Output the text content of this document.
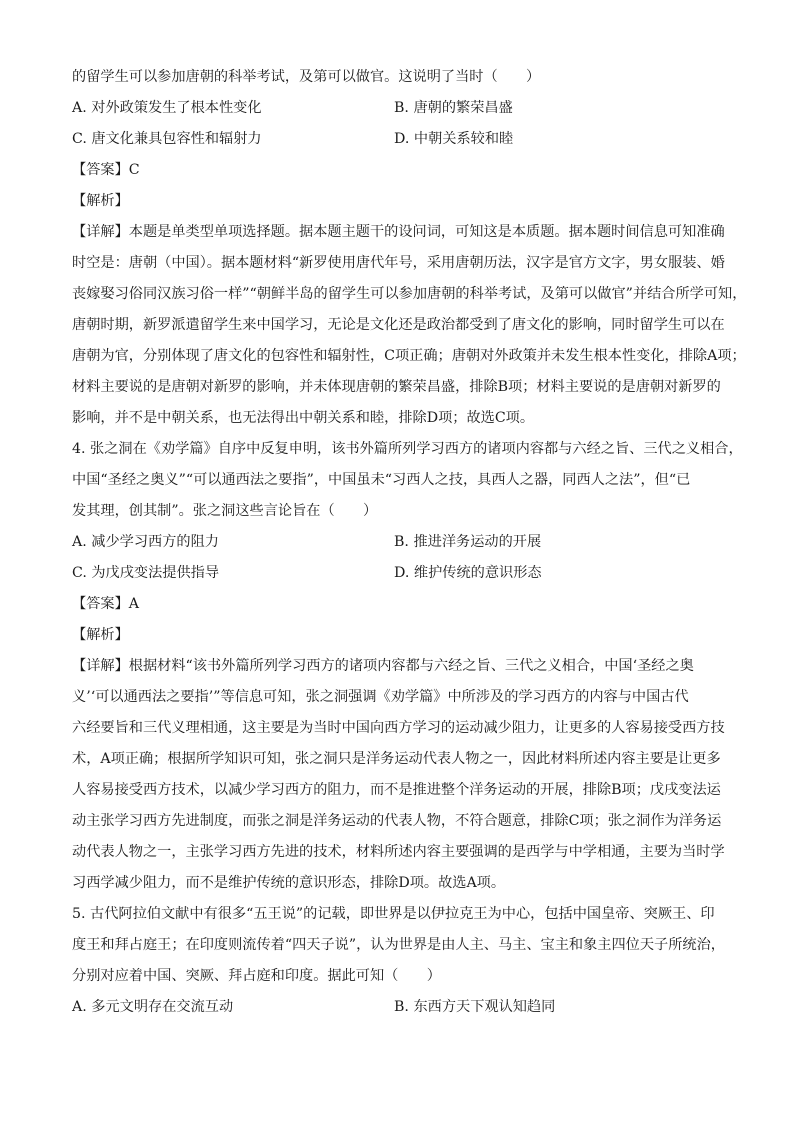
的留学生可以参加唐朝的科举考试，及第可以做官。这说明了当时（　　）
A. 对外政策发生了根本性变化	B. 唐朝的繁荣昌盛
C. 唐文化兼具包容性和辐射力	D. 中朝关系较和睦
【答案】C
【解析】
【详解】本题是单类型单项选择题。据本题主题干的设问词，可知这是本质题。据本题时间信息可知准确
时空是：唐朝（中国）。据本题材料“新罗使用唐代年号，采用唐朝历法，汉字是官方文字，男女服装、婚
丧嫁娶习俗同汉族习俗一样”“朝鲜半岛的留学生可以参加唐朝的科举考试，及第可以做官”并结合所学可知，
唐朝时期，新罗派遣留学生来中国学习，无论是文化还是政治都受到了唐文化的影响，同时留学生可以在
唐朝为官，分别体现了唐文化的包容性和辐射性，C项正确；唐朝对外政策并未发生根本性变化，排除A项；
材料主要说的是唐朝对新罗的影响，并未体现唐朝的繁荣昌盛，排除B项；材料主要说的是唐朝对新罗的
影响，并不是中朝关系，也无法得出中朝关系和睦，排除D项；故选C项。
4. 张之洞在《劝学篇》自序中反复申明，该书外篇所列学习西方的诸项内容都与六经之旨、三代之义相合，
中国“圣经之奥义”“可以通西法之要指”，中国虽未“习西人之技，具西人之器，同西人之法”，但“已
发其理，创其制”。张之洞这些言论旨在（　　）
A. 减少学习西方的阻力	B. 推进洋务运动的开展
C. 为戊戌变法提供指导	D. 维护传统的意识形态
【答案】A
【解析】
【详解】根据材料“该书外篇所列学习西方的诸项内容都与六经之旨、三代之义相合，中国‘圣经之奥
义’‘可以通西法之要指’”等信息可知，张之洞强调《劝学篇》中所涉及的学习西方的内容与中国古代
六经要旨和三代义理相通，这主要是为当时中国向西方学习的运动减少阻力，让更多的人容易接受西方技
术，A项正确；根据所学知识可知，张之洞只是洋务运动代表人物之一，因此材料所述内容主要是让更多
人容易接受西方技术，以减少学习西方的阻力，而不是推进整个洋务运动的开展，排除B项；戊戌变法运
动主张学习西方先进制度，而张之洞是洋务运动的代表人物，不符合题意，排除C项；张之洞作为洋务运
动代表人物之一，主张学习西方先进的技术，材料所述内容主要强调的是西学与中学相通，主要为当时学
习西学减少阻力，而不是维护传统的意识形态，排除D项。故选A项。
5. 古代阿拉伯文献中有很多“五王说”的记载，即世界是以伊拉克王为中心，包括中国皇帝、突厥王、印
度王和拜占庭王；在印度则流传着“四天子说”，认为世界是由人主、马主、宝主和象主四位天子所统治，
分别对应着中国、突厥、拜占庭和印度。据此可知（　　）
A. 多元文明存在交流互动	B. 东西方天下观认知趋同
